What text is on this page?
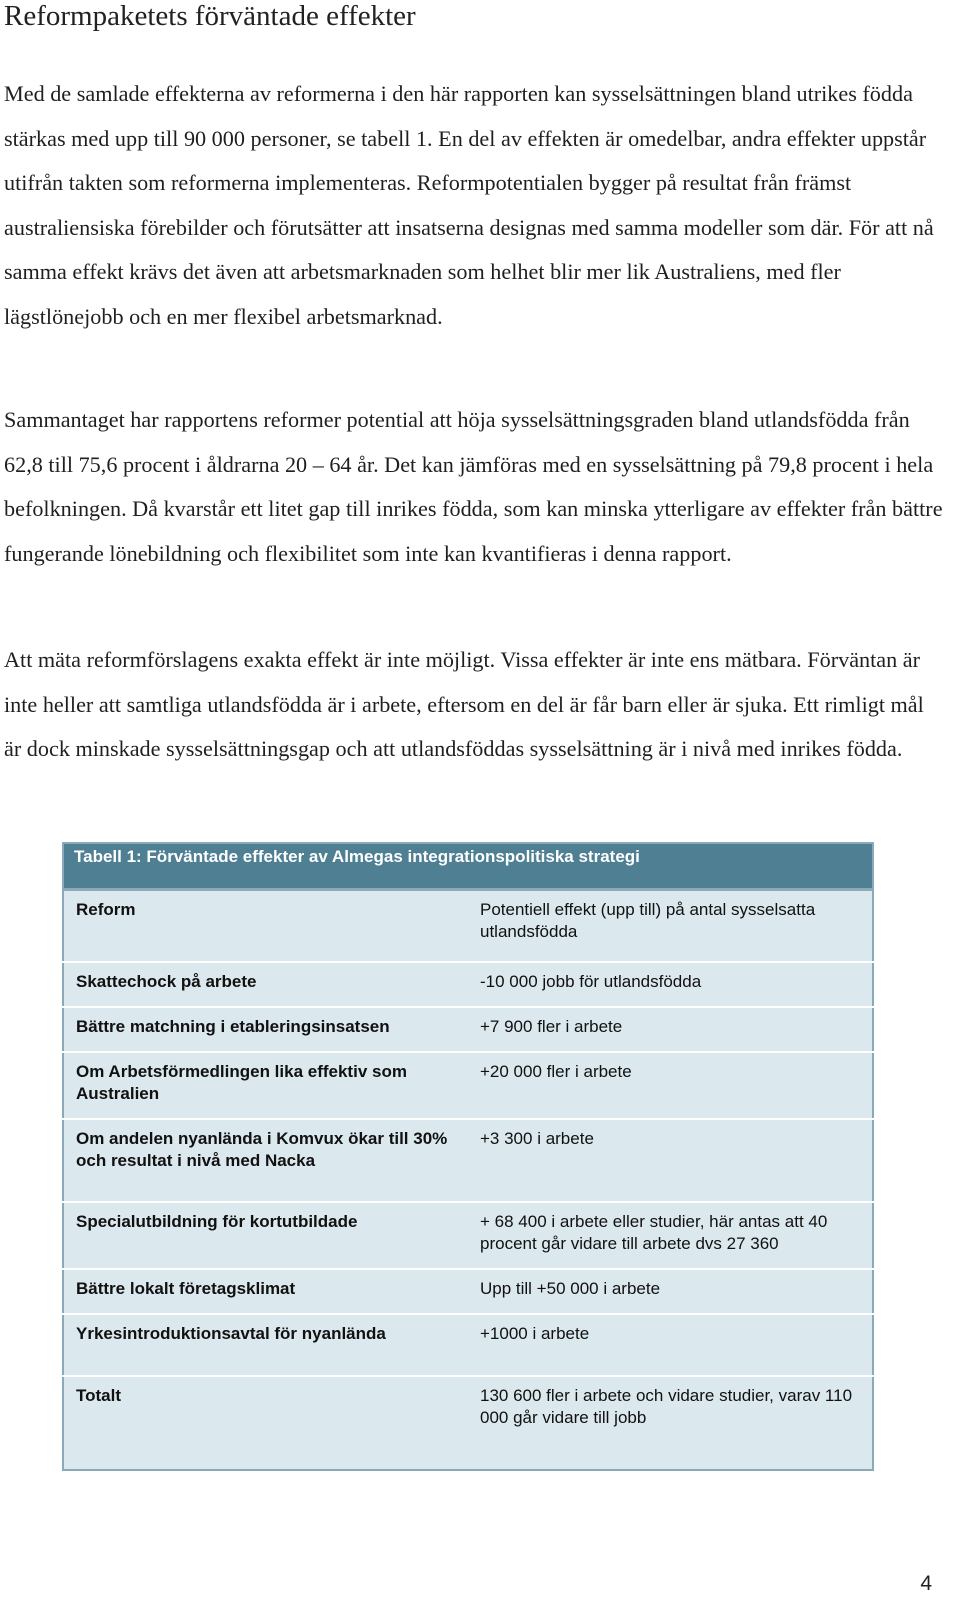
Reformpaketets förväntade effekter

Med de samlade effekterna av reformerna i den här rapporten kan sysselsättningen bland utrikes födda stärkas med upp till 90 000 personer, se tabell 1. En del av effekten är omedelbar, andra effekter uppstår utifrån takten som reformerna implementeras. Reformpotentialen bygger på resultat från främst australiensiska förebilder och förutsätter att insatserna designas med samma modeller som där. För att nå samma effekt krävs det även att arbetsmarknaden som helhet blir mer lik Australiens, med fler lägstlönejobb och en mer flexibel arbetsmarknad.

Sammantaget har rapportens reformer potential att höja sysselsättningsgraden bland utlandsfödda från 62,8 till 75,6 procent i åldrarna 20 – 64 år. Det kan jämföras med en sysselsättning på 79,8 procent i hela befolkningen. Då kvarstår ett litet gap till inrikes födda, som kan minska ytterligare av effekter från bättre fungerande lönebildning och flexibilitet som inte kan kvantifieras i denna rapport.

Att mäta reformförslagens exakta effekt är inte möjligt. Vissa effekter är inte ens mätbara. Förväntan är inte heller att samtliga utlandsfödda är i arbete, eftersom en del är får barn eller är sjuka. Ett rimligt mål är dock minskade sysselsättningsgap och att utlandsföddas sysselsättning är i nivå med inrikes födda.

Tabell 1: Förväntade effekter av Almegas integrationspolitiska strategi	
Reform	Potentiell effekt (upp till) på antal sysselsatta utlandsfödda
Skattechock på arbete	-10 000 jobb för utlandsfödda
Bättre matchning i etableringsinsatsen	+7 900 fler i arbete
Om Arbetsförmedlingen lika effektiv som Australien	+20 000 fler i arbete
Om andelen nyanlända i Komvux ökar till 30% och resultat i nivå med Nacka	+3 300 i arbete
Specialutbildning för kortutbildade	+ 68 400 i arbete eller studier, här antas att 40 procent går vidare till arbete dvs 27 360
Bättre lokalt företagsklimat	Upp till +50 000 i arbete
Yrkesintroduktionsavtal för nyanlända	+1000 i arbete
Totalt	130 600 fler i arbete och vidare studier, varav 110 000 går vidare till jobb
4
